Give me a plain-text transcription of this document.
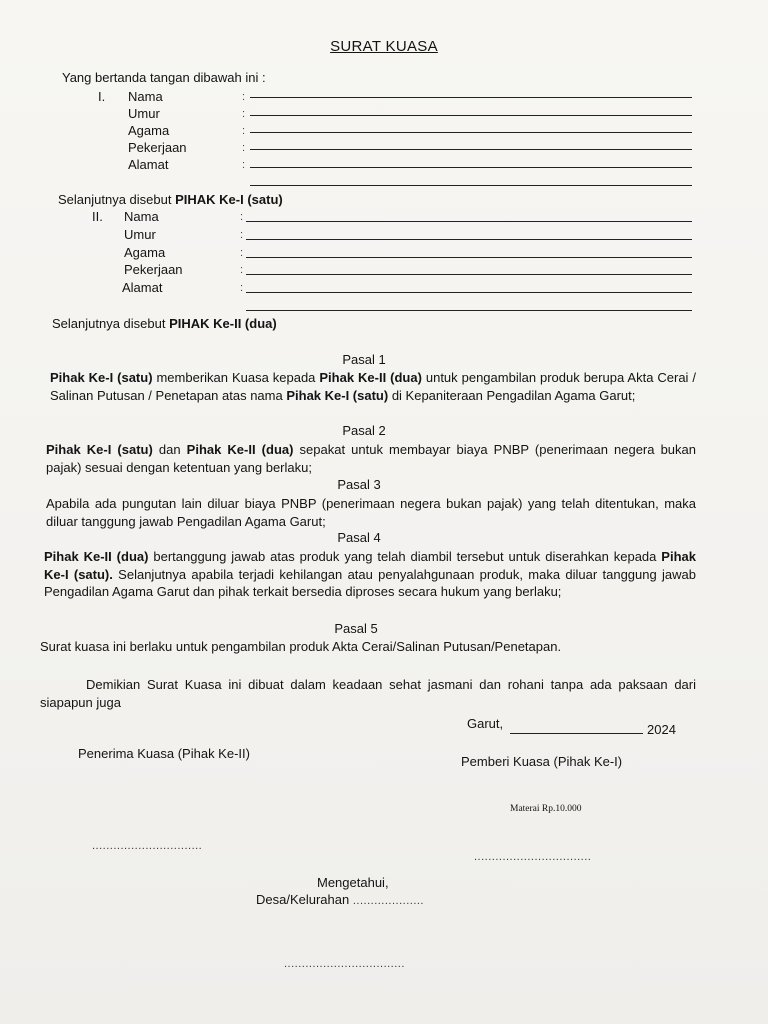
SURAT KUASA
Yang bertanda tangan dibawah ini :
I. Nama
Umur
Agama
Pekerjaan
Alamat
:
:
:
:
:
Selanjutnya disebut PIHAK Ke-I (satu)
II. Nama
Umur
Agama
Pekerjaan
Alamat
:
:
:
:
:
Selanjutnya disebut PIHAK Ke-II (dua)
Pasal 1
Pihak Ke-I (satu) memberikan Kuasa kepada Pihak Ke-II (dua) untuk pengambilan produk berupa Akta Cerai / Salinan Putusan / Penetapan atas nama Pihak Ke-I (satu) di Kepaniteraan Pengadilan Agama Garut;
Pasal 2
Pihak Ke-I (satu) dan Pihak Ke-II (dua) sepakat untuk membayar biaya PNBP (penerimaan negera bukan pajak) sesuai dengan ketentuan yang berlaku;
Pasal 3
Apabila ada pungutan lain diluar biaya PNBP (penerimaan negera bukan pajak) yang telah ditentukan, maka diluar tanggung jawab Pengadilan Agama Garut;
Pasal 4
Pihak Ke-II (dua) bertanggung jawab atas produk yang telah diambil tersebut untuk diserahkan kepada Pihak Ke-I (satu). Selanjutnya apabila terjadi kehilangan atau penyalahgunaan produk, maka diluar tanggung jawab Pengadilan Agama Garut dan pihak terkait bersedia diproses secara hukum yang berlaku;
Pasal 5
Surat kuasa ini berlaku untuk pengambilan produk Akta Cerai/Salinan Putusan/Penetapan.
Demikian Surat Kuasa ini dibuat dalam keadaan sehat jasmani dan rohani tanpa ada paksaan dari siapapun juga
Garut,	2024
Penerima Kuasa (Pihak Ke-II)
Pemberi Kuasa (Pihak Ke-I)
Materai Rp.10.000
...............................
.................................
Mengetahui,
Desa/Kelurahan ....................
..................................
